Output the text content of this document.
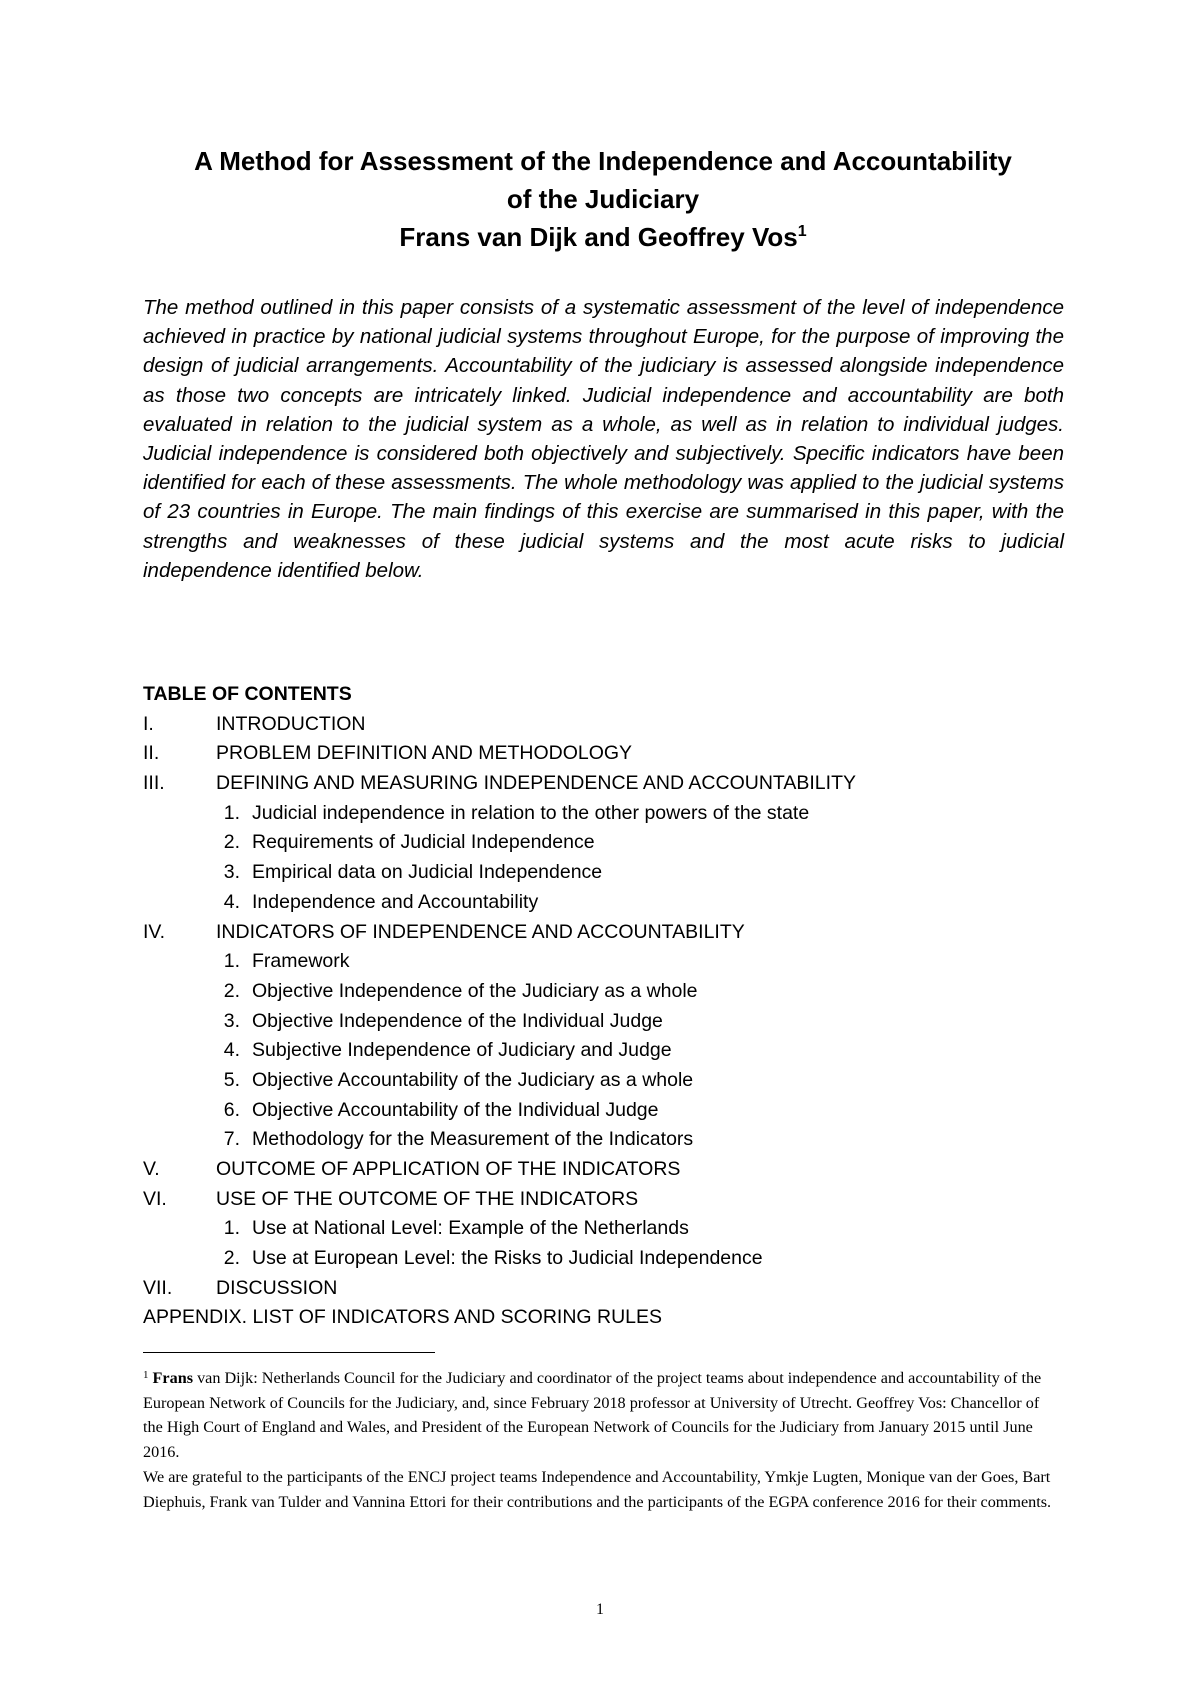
A Method for Assessment of the Independence and Accountability
of the Judiciary
Frans van Dijk and Geoffrey Vos$^1$
The method outlined in this paper consists of a systematic assessment of the level of independence achieved in practice by national judicial systems throughout Europe, for the purpose of improving the design of judicial arrangements. Accountability of the judiciary is assessed alongside independence as those two concepts are intricately linked. Judicial independence and accountability are both evaluated in relation to the judicial system as a whole, as well as in relation to individual judges. Judicial independence is considered both objectively and subjectively. Specific indicators have been identified for each of these assessments. The whole methodology was applied to the judicial systems of 23 countries in Europe. The main findings of this exercise are summarised in this paper, with the strengths and weaknesses of these judicial systems and the most acute risks to judicial independence identified below.
TABLE OF CONTENTS
I.	INTRODUCTION
II.	PROBLEM DEFINITION AND METHODOLOGY
III.	DEFINING AND MEASURING INDEPENDENCE AND ACCOUNTABILITY
1. Judicial independence in relation to the other powers of the state
2. Requirements of Judicial Independence
3. Empirical data on Judicial Independence
4. Independence and Accountability
IV.	INDICATORS OF INDEPENDENCE AND ACCOUNTABILITY
1. Framework
2. Objective Independence of the Judiciary as a whole
3. Objective Independence of the Individual Judge
4. Subjective Independence of Judiciary and Judge
5. Objective Accountability of the Judiciary as a whole
6. Objective Accountability of the Individual Judge
7. Methodology for the Measurement of the Indicators
V.	OUTCOME OF APPLICATION OF THE INDICATORS
VI.	USE OF THE OUTCOME OF THE INDICATORS
1. Use at National Level: Example of the Netherlands
2. Use at European Level: the Risks to Judicial Independence
VII. DISCUSSION
APPENDIX. LIST OF INDICATORS AND SCORING RULES

$^1$ Frans van Dijk: Netherlands Council for the Judiciary and coordinator of the project teams about independence and accountability of the European Network of Councils for the Judiciary, and, since February 2018 professor at University of Utrecht. Geoffrey Vos: Chancellor of the High Court of England and Wales, and President of the European Network of Councils for the Judiciary from January 2015 until June 2016.

We are grateful to the participants of the ENCJ project teams Independence and Accountability, Ymkje Lugten, Monique van der Goes, Bart Diephuis, Frank van Tulder and Vannina Ettori for their contributions and the participants of the EGPA conference 2016 for their comments.

1
